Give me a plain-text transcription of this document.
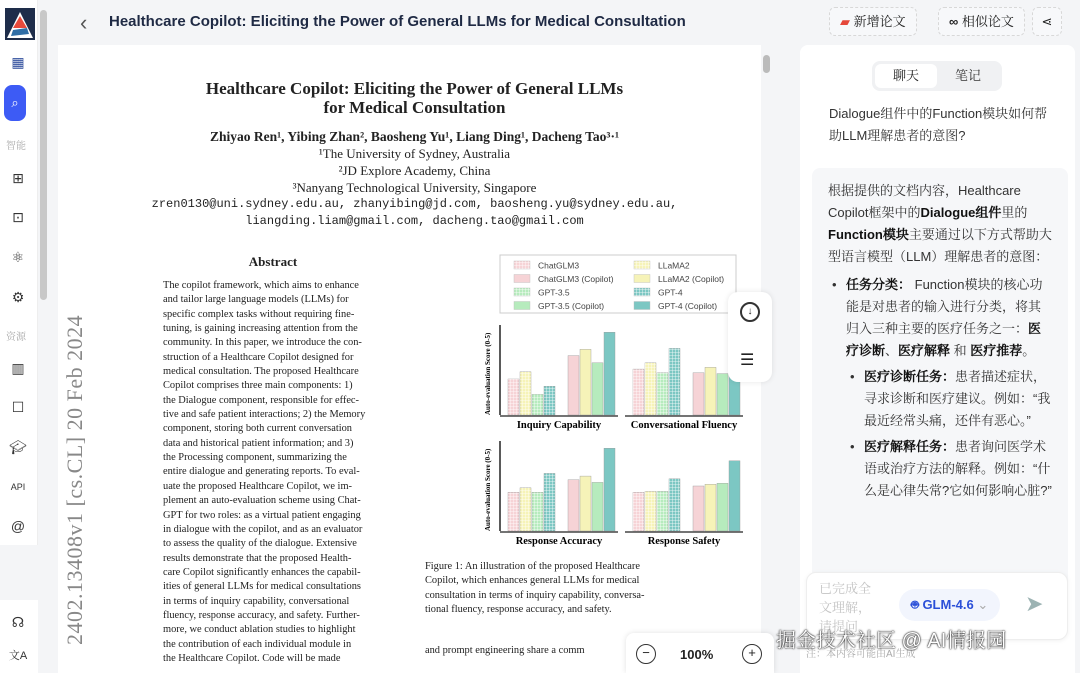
▦
⌕
智能
⊞
⊡
⚛
⚙
资源
▥
☐
🎓︎
API
@
☊
文A
‹ Healthcare Copilot: Eliciting the Power of General LLMs for Medical Consultation	▰ 新增论文	∞ 相似论文	⋖
Healthcare Copilot: Eliciting the Power of General LLMs
for Medical Consultation
Zhiyao Ren¹, Yibing Zhan², Baosheng Yu¹, Liang Ding¹, Dacheng Tao³·¹
¹The University of Sydney, Australia
²JD Explore Academy, China
³Nanyang Technological University, Singapore
zren0130@uni.sydney.edu.au, zhanyibing@jd.com, baosheng.yu@sydney.edu.au,
liangding.liam@gmail.com, dacheng.tao@gmail.com
2402.13408v1 [cs.CL] 20 Feb 2024
Abstract
The copilot framework, which aims to enhance
and tailor large language models (LLMs) for
specific complex tasks without requiring fine-
tuning, is gaining increasing attention from the
community. In this paper, we introduce the con-
struction of a Healthcare Copilot designed for
medical consultation. The proposed Healthcare
Copilot comprises three main components: 1)
the Dialogue component, responsible for effec-
tive and safe patient interactions; 2) the Memory
component, storing both current conversation
data and historical patient information; and 3)
the Processing component, summarizing the
entire dialogue and generating reports. To eval-
uate the proposed Healthcare Copilot, we im-
plement an auto-evaluation scheme using Chat-
GPT for two roles: as a virtual patient engaging
in dialogue with the copilot, and as an evaluator
to assess the quality of the dialogue. Extensive
results demonstrate that the proposed Health-
care Copilot significantly enhances the capabil-
ities of general LLMs for medical consultations
in terms of inquiry capability, conversational
fluency, response accuracy, and safety. Further-
more, we conduct ablation studies to highlight
the contribution of each individual module in
the Healthcare Copilot. Code will be made
ChatGLM3	LLaMA2
ChatGLM3 (Copilot)	LLaMA2 (Copilot)
GPT-3.5	GPT-4
GPT-3.5 (Copilot)	GPT-4 (Copilot)
Auto-evaluation Score (0-5)
Inquiry Capability	Conversational Fluency
Auto-evaluation Score (0-5)
Response Accuracy	Response Safety
Figure 1: An illustration of the proposed Healthcare
Copilot, which enhances general LLMs for medical
consultation in terms of inquiry capability, conversa-
tional fluency, response accuracy, and safety.
and prompt engineering share a comm
↓
☰
−	100%	+
聊天	笔记
Dialogue组件中的Function模块如何帮助LLM理解患者的意图?
根据提供的文档内容，Healthcare Copilot框架中的Dialogue组件里的Function模块主要通过以下方式帮助大型语言模型（LLM）理解患者的意图：
• 任务分类： Function模块的核心功能是对患者的输入进行分类，将其归入三种主要的医疗任务之一：医疗诊断、医疗解释 和 医疗推荐。
• 医疗诊断任务：患者描述症状，寻求诊断和医疗建议。例如：“我最近经常头痛，还伴有恶心。”
• 医疗解释任务：患者询问医学术语或治疗方法的解释。例如：“什么是心律失常?它如何影响心脏?”
注：本内容可能由AI生成
已完成全文理解，请提问
🤖︎ GLM-4.6 ⌄	➤
掘金技术社区 @ AI情报园
